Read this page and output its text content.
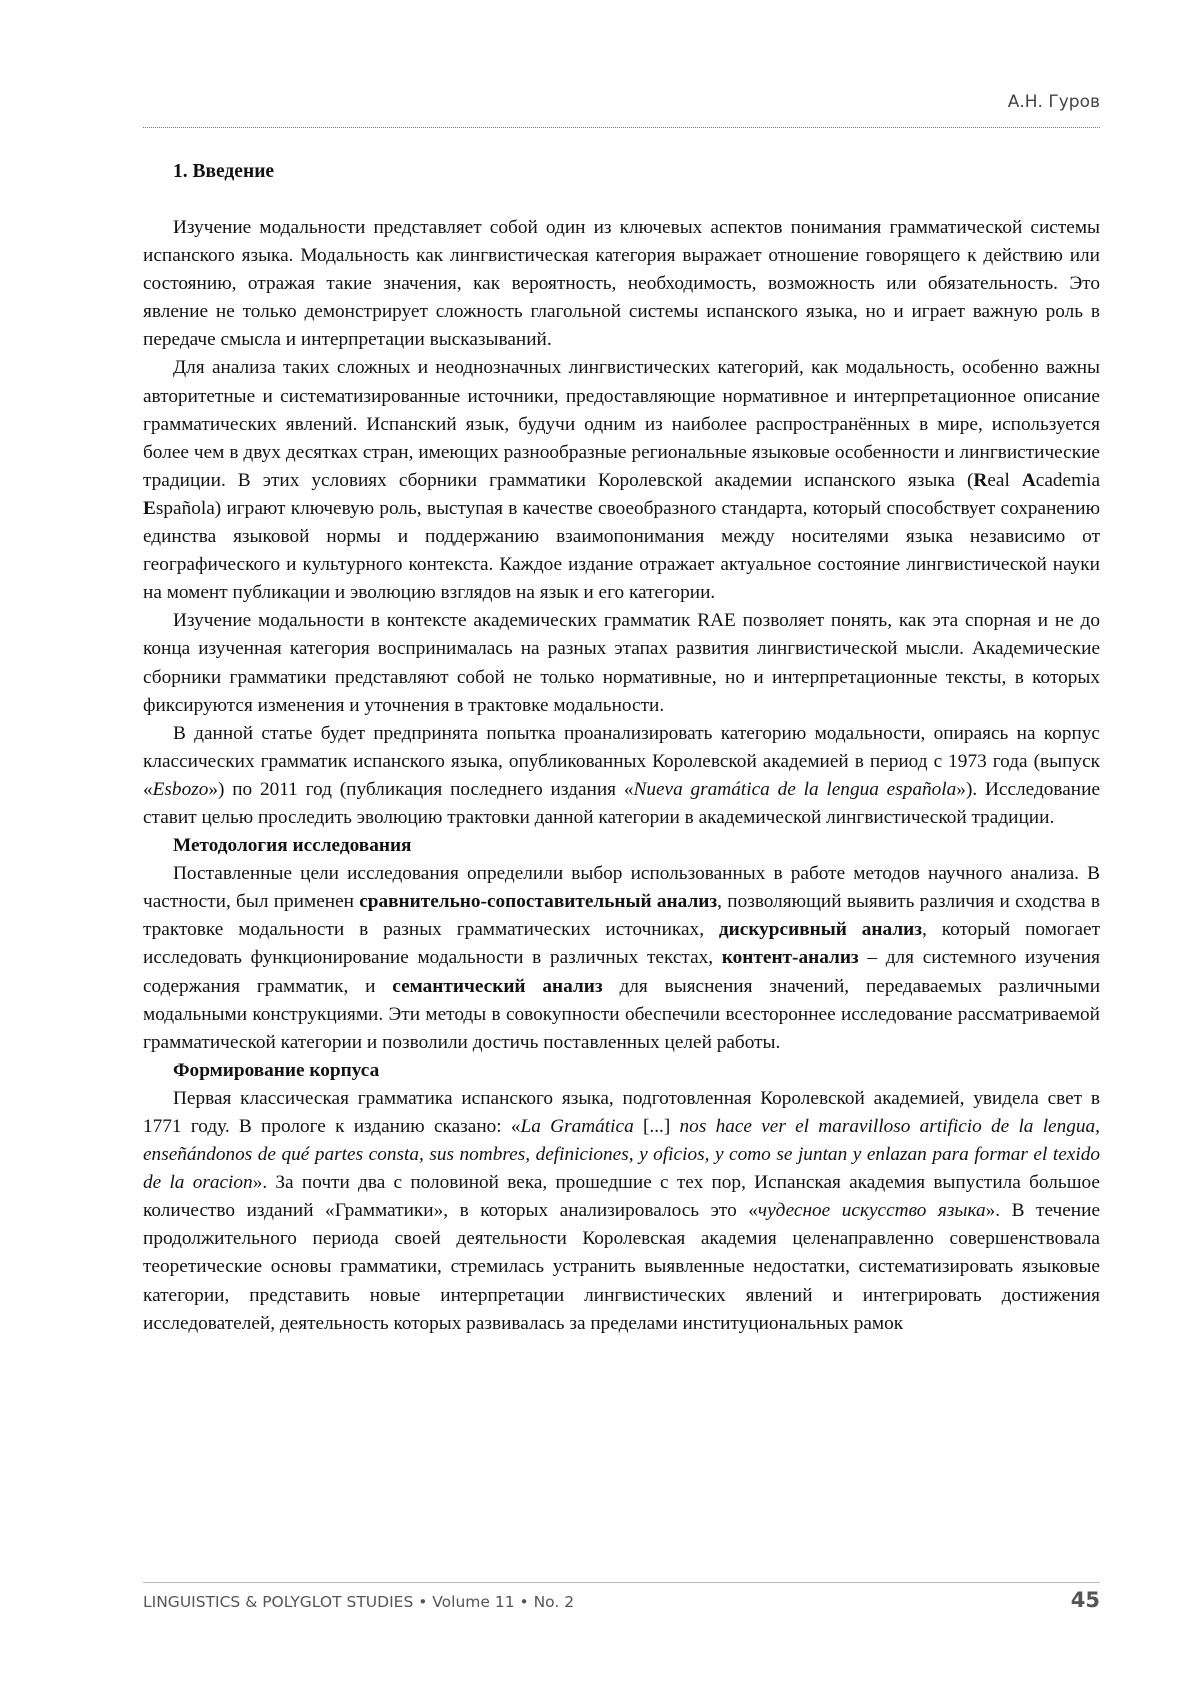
А.Н. Гуров
1. Введение

Изучение модальности представляет собой один из ключевых аспектов понимания грамматической системы испанского языка. Модальность как лингвистическая категория выражает отношение говорящего к действию или состоянию, отражая такие значения, как вероятность, необходимость, возможность или обязательность. Это явление не только демонстрирует сложность глагольной системы испанского языка, но и играет важную роль в передаче смысла и интерпретации высказываний.

Для анализа таких сложных и неоднозначных лингвистических категорий, как модальность, особенно важны авторитетные и систематизированные источники, предоставляющие нормативное и интерпретационное описание грамматических явлений. Испанский язык, будучи одним из наиболее распространённых в мире, используется более чем в двух десятках стран, имеющих разнообразные региональные языковые особенности и лингвистические традиции. В этих условиях сборники грамматики Королевской академии испанского языка (Real Academia Española) играют ключевую роль, выступая в качестве своеобразного стандарта, который способствует сохранению единства языковой нормы и поддержанию взаимопонимания между носителями языка независимо от географического и культурного контекста. Каждое издание отражает актуальное состояние лингвистической науки на момент публикации и эволюцию взглядов на язык и его категории.

Изучение модальности в контексте академических грамматик RAE позволяет понять, как эта спорная и не до конца изученная категория воспринималась на разных этапах развития лингвистической мысли. Академические сборники грамматики представляют собой не только нормативные, но и интерпретационные тексты, в которых фиксируются изменения и уточнения в трактовке модальности.

В данной статье будет предпринята попытка проанализировать категорию модальности, опираясь на корпус классических грамматик испанского языка, опубликованных Королевской академией в период с 1973 года (выпуск «Esbozo») по 2011 год (публикация последнего издания «Nueva gramática de la lengua española»). Исследование ставит целью проследить эволюцию трактовки данной категории в академической лингвистической традиции.

Методология исследования

Поставленные цели исследования определили выбор использованных в работе методов научного анализа. В частности, был применен сравнительно-сопоставительный анализ, позволяющий выявить различия и сходства в трактовке модальности в разных грамматических источниках, дискурсивный анализ, который помогает исследовать функционирование модальности в различных текстах, контент-анализ – для системного изучения содержания грамматик, и семантический анализ для выяснения значений, передаваемых различными модальными конструкциями. Эти методы в совокупности обеспечили всестороннее исследование рассматриваемой грамматической категории и позволили достичь поставленных целей работы.

Формирование корпуса

Первая классическая грамматика испанского языка, подготовленная Королевской академией, увидела свет в 1771 году. В прологе к изданию сказано: «La Gramática [...] nos hace ver el maravilloso artificio de la lengua, enseñándonos de qué partes consta, sus nombres, definiciones, y oficios, y como se juntan y enlazan para formar el texido de la oracion». За почти два с половиной века, прошедшие с тех пор, Испанская академия выпустила большое количество изданий «Грамматики», в которых анализировалось это «чудесное искусство языка». В течение продолжительного периода своей деятельности Королевская академия целенаправленно совершенствовала теоретические основы грамматики, стремилась устранить выявленные недостатки, систематизировать языковые категории, представить новые интерпретации лингвистических явлений и интегрировать достижения исследователей, деятельность которых развивалась за пределами институциональных рамок

LINGUISTICS & POLYGLOT STUDIES • Volume 11 • No. 2	45
